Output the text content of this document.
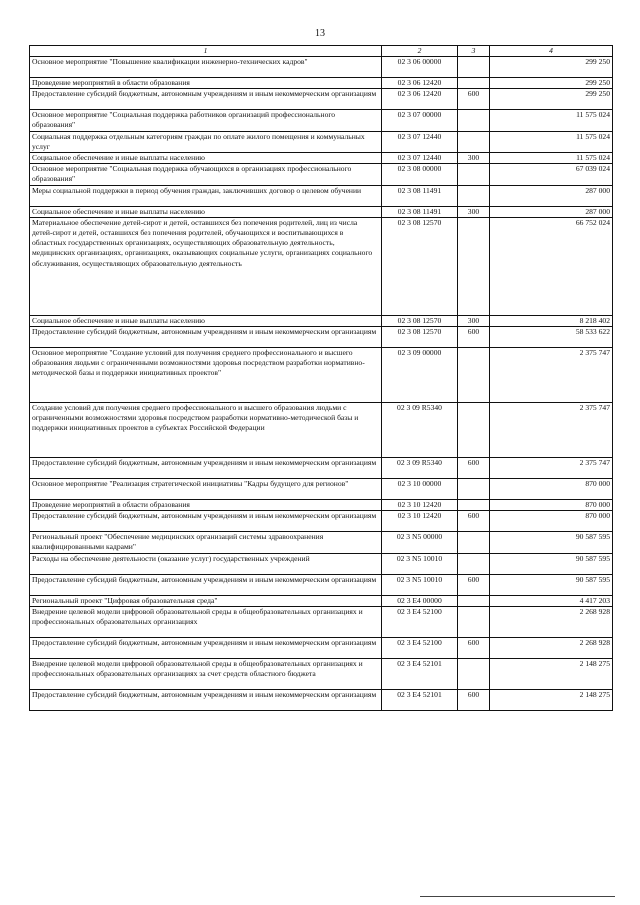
13
1	2	3	4
Основное мероприятие "Повышение квалификации инженерно-технических кадров"	02 3 06 00000		299 250
Проведение мероприятий в области образования	02 3 06 12420		299 250
Предоставление субсидий бюджетным, автономным учреждениям и иным некоммерческим организациям	02 3 06 12420	600	299 250
Основное мероприятие "Социальная поддержка работников организаций профессионального образования"	02 3 07 00000		11 575 024
Социальная поддержка отдельным категориям граждан по оплате жилого помещения и коммунальных услуг	02 3 07 12440		11 575 024
Социальное обеспечение и иные выплаты населению	02 3 07 12440	300	11 575 024
Основное мероприятие "Социальная поддержка обучающихся в организациях профессионального образования"	02 3 08 00000		67 039 024
Меры социальной поддержки в период обучения граждан, заключивших договор о целевом обучении	02 3 08 11491		287 000
Социальное обеспечение и иные выплаты населению	02 3 08 11491	300	287 000
Материальное обеспечение детей-сирот и детей, оставшихся без попечения родителей, лиц из числа детей-сирот и детей, оставшихся без попечения родителей, обучающихся и воспитывающихся в областных государственных организациях, осуществляющих образовательную деятельность, медицинских организациях, организациях, оказывающих социальные услуги, организациях социального обслуживания, осуществляющих образовательную деятельность	02 3 08 12570		66 752 024
Социальное обеспечение и иные выплаты населению	02 3 08 12570	300	8 218 402
Предоставление субсидий бюджетным, автономным учреждениям и иным некоммерческим организациям	02 3 08 12570	600	58 533 622
Основное мероприятие "Создание условий для получения среднего профессионального и высшего образования людьми с ограниченными возможностями здоровья посредством разработки нормативно-методической базы и поддержки инициативных проектов"	02 3 09 00000		2 375 747
Создание условий для получения среднего профессионального и высшего образования людьми с ограниченными возможностями здоровья посредством разработки нормативно-методической базы и поддержки инициативных проектов в субъектах Российской Федерации	02 3 09 R5340		2 375 747
Предоставление субсидий бюджетным, автономным учреждениям и иным некоммерческим организациям	02 3 09 R5340	600	2 375 747
Основное мероприятие "Реализация стратегической инициативы "Кадры будущего для регионов"	02 3 10 00000		870 000
Проведение мероприятий в области образования	02 3 10 12420		870 000
Предоставление субсидий бюджетным, автономным учреждениям и иным некоммерческим организациям	02 3 10 12420	600	870 000
Региональный проект "Обеспечение медицинских организаций системы здравоохранения квалифицированными кадрами"	02 3 N5 00000		90 587 595
Расходы на обеспечение деятельности (оказание услуг) государственных учреждений	02 3 N5 10010		90 587 595
Предоставление субсидий бюджетным, автономным учреждениям и иным некоммерческим организациям	02 3 N5 10010	600	90 587 595
Региональный проект "Цифровая образовательная среда"	02 3 E4 00000		4 417 203
Внедрение целевой модели цифровой образовательной среды в общеобразовательных организациях и профессиональных образовательных организациях	02 3 E4 52100		2 268 928
Предоставление субсидий бюджетным, автономным учреждениям и иным некоммерческим организациям	02 3 E4 52100	600	2 268 928
Внедрение целевой модели цифровой образовательной среды в общеобразовательных организациях и профессиональных образовательных организациях за счет средств областного бюджета	02 3 E4 52101		2 148 275
Предоставление субсидий бюджетным, автономным учреждениям и иным некоммерческим организациям	02 3 E4 52101	600	2 148 275
